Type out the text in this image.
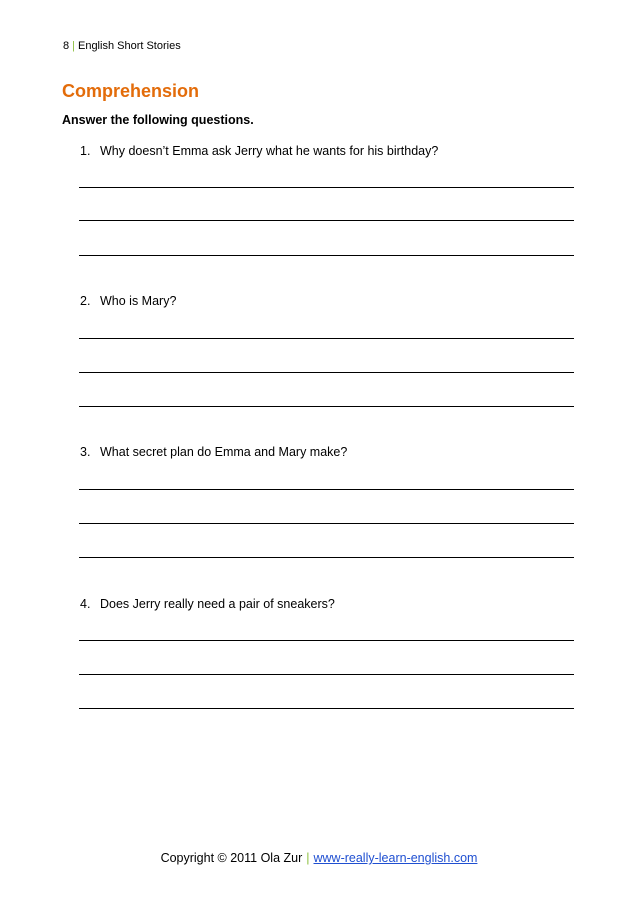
8 | English Short Stories
Comprehension
Answer the following questions.
1. Why doesn’t Emma ask Jerry what he wants for his birthday?
2. Who is Mary?
3. What secret plan do Emma and Mary make?
4. Does Jerry really need a pair of sneakers?
Copyright © 2011 Ola Zur | www-really-learn-english.com
